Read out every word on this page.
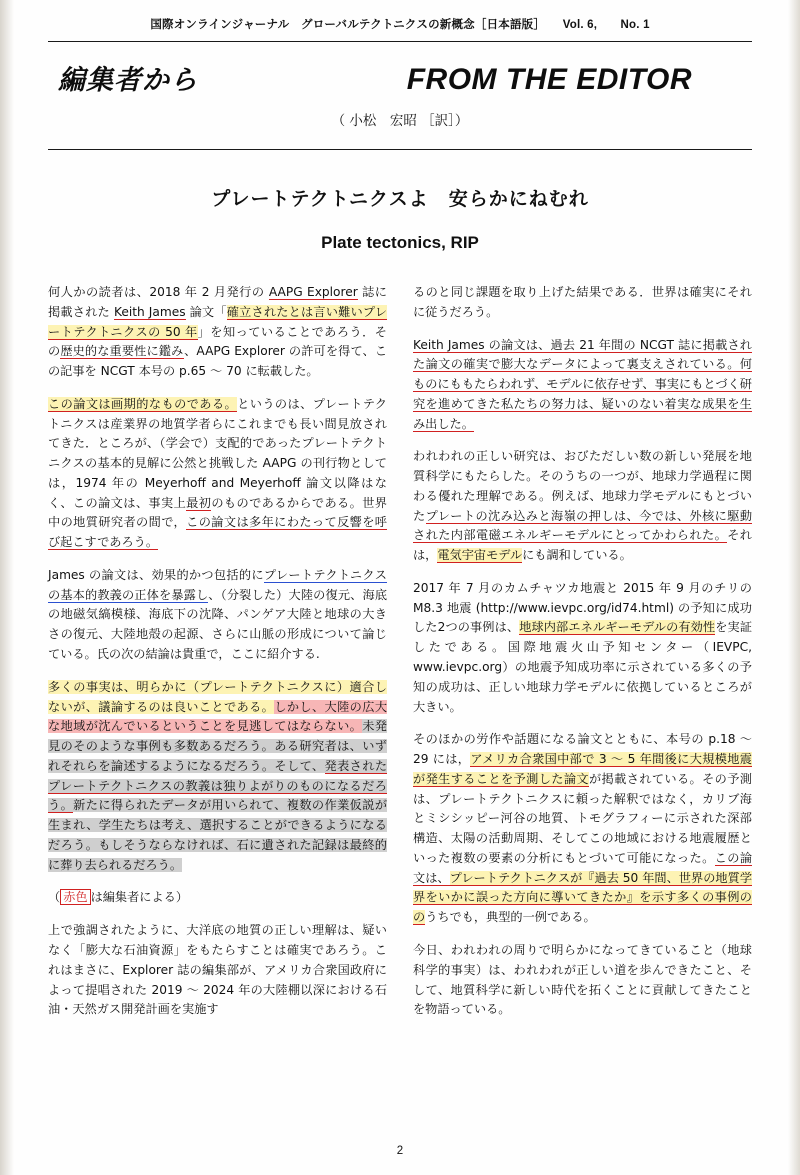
国際オンラインジャーナル　グローバルテクトニクスの新概念［日本語版］　　Vol. 6,　　No. 1
編集者から	FROM THE EDITOR
（ 小松　宏昭 ［訳］）
プレートテクトニクスよ　安らかにねむれ
Plate tectonics, RIP

何人かの読者は、2018 年 2 月発行の AAPG Explorer 誌に掲載された Keith James 論文「確立されたとは言い難いプレートテクトニクスの 50 年」を知っていることであろう．その歴史的な重要性に鑑み、AAPG Explorer の許可を得て、この記事を NCGT 本号の p.65 ～ 70 に転載した。

この論文は画期的なものである。というのは、プレートテクトニクスは産業界の地質学者らにこれまでも長い間見放されてきた．ところが、（学会で）支配的であったプレートテクトニクスの基本的見解に公然と挑戦した AAPG の刊行物としては，1974 年の Meyerhoff and Meyerhoff 論文以降はなく、この論文は、事実上最初のものであるからである。世界中の地質研究者の間で，この論文は多年にわたって反響を呼び起こすであろう。

James の論文は、効果的かつ包括的にプレートテクトニクスの基本的教義の正体を暴露し、（分裂した）大陸の復元、海底の地磁気縞模様、海底下の沈降、パンゲア大陸と地球の大きさの復元、大陸地殻の起源、さらに山脈の形成について論じている。氏の次の結論は貴重で，ここに紹介する.

多くの事実は、明らかに（プレートテクトニクスに）適合しないが、議論するのは良いことである。しかし、大陸の広大な地域が沈んでいるということを見逃してはならない。未発見のそのような事例も多数あるだろう。ある研究者は、いずれそれらを論述するようになるだろう。そして、発表されたプレートテクトニクスの教義は独りよがりのものになるだろう。新たに得られたデータが用いられて、複数の作業仮説が生まれ、学生たちは考え、選択することができるようになるだろう。もしそうならなければ、石に遺された記録は最終的に葬り去られるだろう。

（ 赤色 は編集者による）

上で強調されたように、大洋底の地質の正しい理解は、疑いなく「膨大な石油資源」をもたらすことは確実であろう。これはまさに、Explorer 誌の編集部が、アメリカ合衆国政府によって提唱された 2019 ～ 2024 年の大陸棚以深における石油・天然ガス開発計画を実施す

るのと同じ課題を取り上げた結果である．世界は確実にそれに従うだろう。

Keith James の論文は、過去 21 年間の NCGT 誌に掲載された論文の確実で膨大なデータによって裏支えされている。何ものにももたらわれず、モデルに依存せず、事実にもとづく研究を進めてきた私たちの努力は、疑いのない着実な成果を生み出した。

われわれの正しい研究は、おびただしい数の新しい発展を地質科学にもたらした。そのうちの一つが、地球力学過程に関わる優れた理解である。例えば、地球力学モデルにもとづいたプレートの沈み込みと海嶺の押しは、今では、外核に駆動された内部電磁エネルギーモデルにとってかわられた。それは，電気宇宙モデルにも調和している。

2017 年 7 月のカムチャツカ地震と 2015 年 9 月のチリの M8.3 地震 (http://www.ievpc.org/id74.html) の予知に成功した2つの事例は、地球内部エネルギーモデルの有効性を実証したである。国際地震火山予知センター（IEVPC, www.ievpc.org）の地震予知成功率に示されている多くの予知の成功は、正しい地球力学モデルに依拠しているところが大きい。

そのほかの労作や話題になる論文とともに、本号の p.18 ～ 29 には，アメリカ合衆国中部で 3 ～ 5 年間後に大規模地震が発生することを予測した論文が掲載されている。その予測は、プレートテクトニクスに頼った解釈ではなく，カリブ海とミシシッピー河谷の地質、トモグラフィーに示された深部構造、太陽の活動周期、そしてこの地域における地震履歴といった複数の要素の分析にもとづいて可能になった。この論文は、プレートテクトニクスが『過去 50 年間、世界の地質学界をいかに誤った方向に導いてきたか』を示す多くの事例ののうちでも，典型的一例である。

今日、われわれの周りで明らかになってきていること（地球科学的事実）は、われわれが正しい道を歩んできたこと、そして、地質科学に新しい時代を拓くことに貢献してきたことを物語っている。

2
